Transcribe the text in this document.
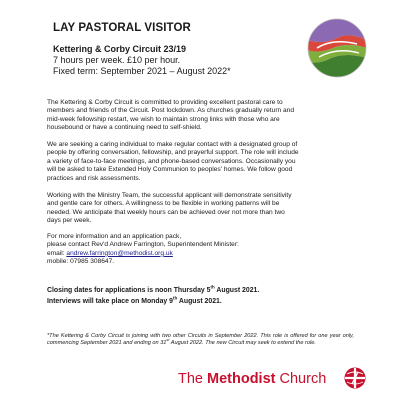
LAY PASTORAL VISITOR
Kettering & Corby Circuit 23/19
7 hours per week. £10 per hour.
Fixed term: September 2021 – August 2022*

The Kettering & Corby Circuit is committed to providing excellent pastoral care to
members and friends of the Circuit. Post lockdown. As churches gradually return and
mid-week fellowship restart, we wish to maintain strong links with those who are
housebound or have a continuing need to self-shield.

We are seeking a caring individual to make regular contact with a designated group of
people by offering conversation, fellowship, and prayerful support. The role will include
a variety of face-to-face meetings, and phone-based conversations. Occasionally you
will be asked to take Extended Holy Communion to peoples' homes. We follow good
practices and risk assessments.

Working with the Ministry Team, the successful applicant will demonstrate sensitivity
and gentle care for others. A willingness to be flexible in working patterns will be
needed. We anticipate that weekly hours can be achieved over not more than two
days per week.

For more information and an application pack,
please contact Rev'd Andrew Farrington, Superintendent Minister:
email: andrew.farrington@methodist.org.uk
mobile: 07985 308647.

Closing dates for applications is noon Thursday 5th August 2021.
Interviews will take place on Monday 9th August 2021.

*The Kettering & Corby Circuit is joining with two other Circuits in September 2022. This role is offered for one year only, commencing September 2021 and ending on 31st August 2022. The new Circuit may seek to extend the role.

The Methodist Church
